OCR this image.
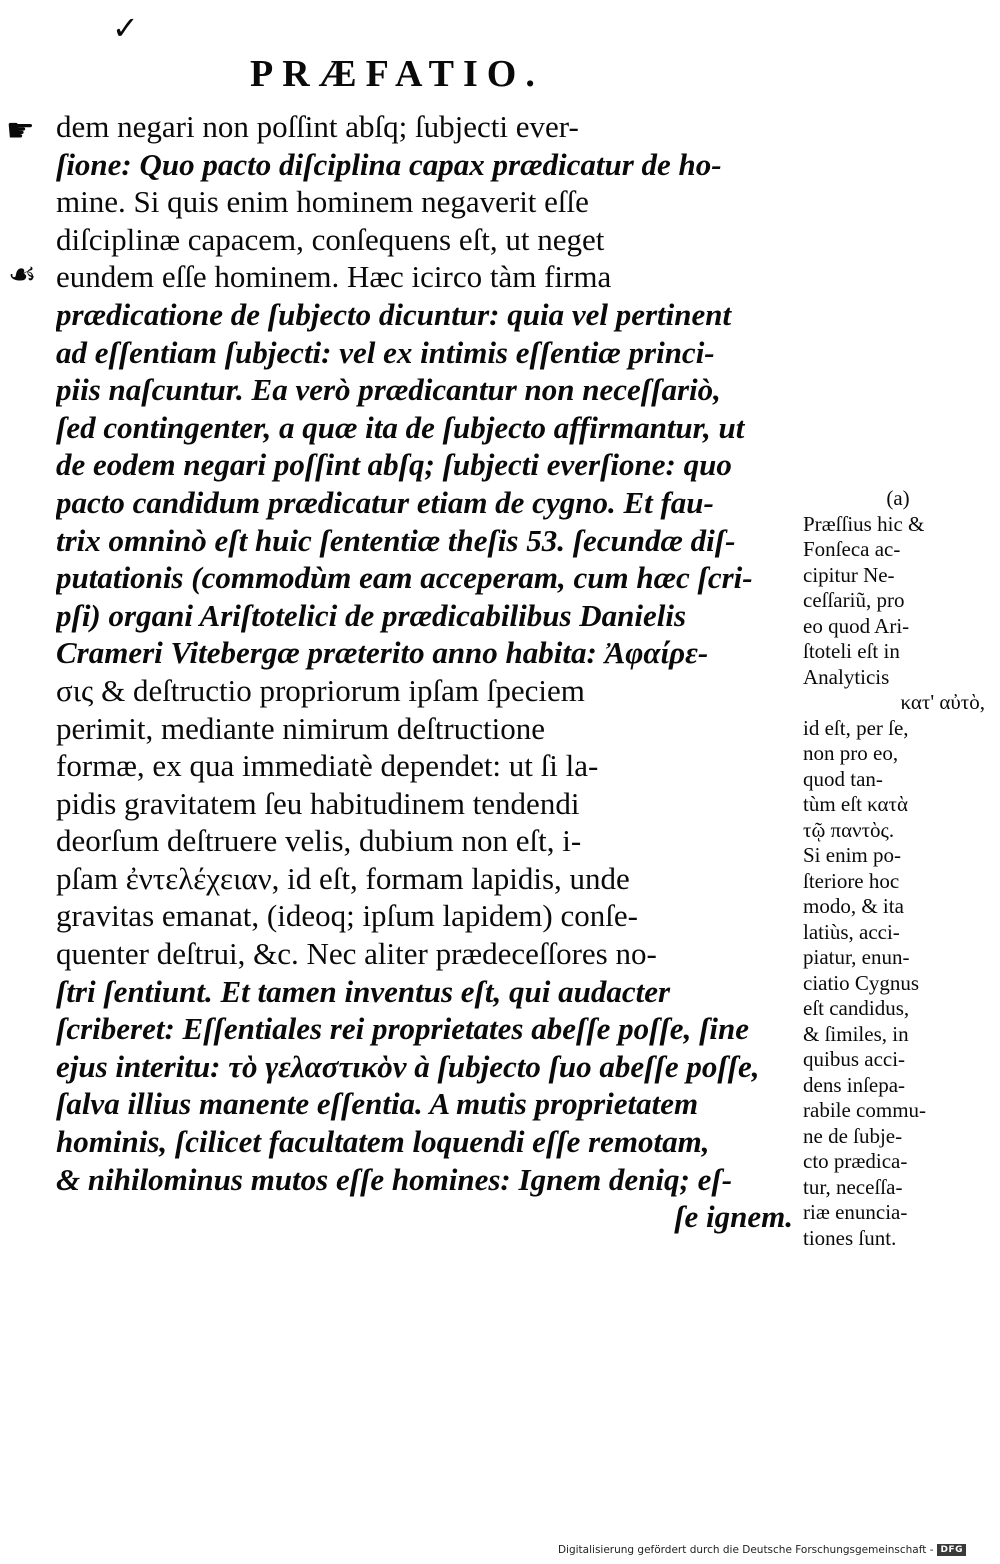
✓
PRÆFATIO.
☛
☙
dem negari non poſſint abſq; ſubjecti ever-
ſione: Quo pacto diſciplina capax prædicatur de ho-
mine. Si quis enim hominem negaverit eſſe
diſciplinæ capacem, conſequens eſt, ut neget
eundem eſſe hominem. Hæc icirco tàm firma
prædicatione de ſubjecto dicuntur: quia vel pertinent
ad eſſentiam ſubjecti: vel ex intimis eſſentiæ princi-
piis naſcuntur. Ea verò prædicantur non neceſſariò,
ſed contingenter, a quæ ita de ſubjecto affirmantur, ut
de eodem negari poſſint abſq; ſubjecti everſione: quo
pacto candidum prædicatur etiam de cygno. Et fau-
trix omninò eſt huic ſententiæ theſis 53. ſecundæ diſ-
putationis (commodùm eam acceperam, cum hæc ſcri-
pſi) organi Ariſtotelici de prædicabilibus Danielis
Crameri Vitebergæ præterito anno habita: Ἀφαίρε-
σις & deſtructio propriorum ipſam ſpeciem
perimit, mediante nimirum deſtructione
formæ, ex qua immediatè dependet: ut ſi la-
pidis gravitatem ſeu habitudinem tendendi
deorſum deſtruere velis, dubium non eſt, i-
pſam ἐντελέχειαν, id eſt, formam lapidis, unde
gravitas emanat, (ideoq; ipſum lapidem) conſe-
quenter deſtrui, &c. Nec aliter prædeceſſores no-
ſtri ſentiunt. Et tamen inventus eſt, qui audacter
ſcriberet: Eſſentiales rei proprietates abeſſe poſſe, ſine
ejus interitu: τὸ γελαστικὸν à ſubjecto ſuo abeſſe poſſe,
ſalva illius manente eſſentia. A mutis proprietatem
hominis, ſcilicet facultatem loquendi eſſe remotam,
& nihilominus mutos eſſe homines: Ignem deniq; eſ-
ſe ignem.
(a)
Præſſius hic &
Fonſeca ac-
cipitur Ne-
ceſſariũ, pro
eo quod Ari-
ſtoteli eſt in
Analyticis
κατ' αὐτὸ,
id eſt, per ſe,
non pro eo,
quod tan-
tùm eſt κατὰ
τῷ παντὸς.
Si enim po-
ſteriore hoc
modo, & ita
latiùs, acci-
piatur, enun-
ciatio Cygnus
eſt candidus,
& ſimiles, in
quibus acci-
dens inſepa-
rabile commu-
ne de ſubje-
cto prædica-
tur, neceſſa-
riæ enuncia-
tiones ſunt.
Digitalisierung gefördert durch die Deutsche Forschungsgemeinschaft - DFG
